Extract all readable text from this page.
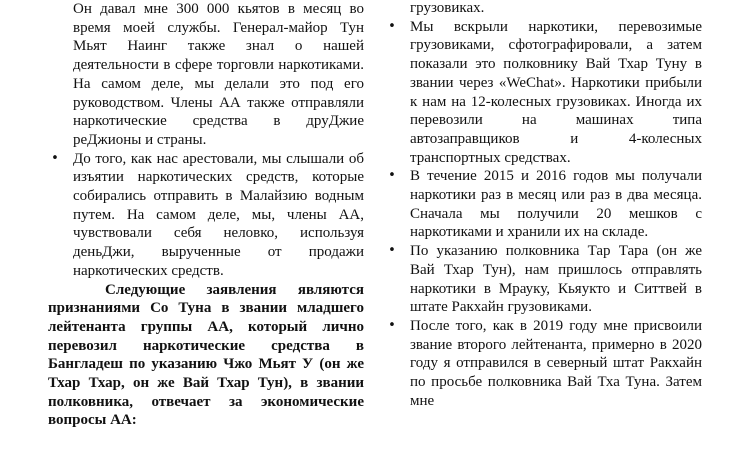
Он давал мне 300 000 кьятов в месяц во время моей службы. Генерал-майор Тун Мьят Наинг также знал о нашей деятельности в сфере торговли наркотиками. На самом деле, мы делали это под его руководством. Члены АА также отправляли наркотические средства в друДжие реДжионы и страны.

• До того, как нас арестовали, мы слышали об изъятии наркотических средств, которые собирались отправить в Малайзию водным путем. На самом деле, мы, члены АА, чувствовали себя неловко, используя деньДжи, вырученные от продажи наркотических средств.

Следующие заявления являются признаниями Со Туна в звании младшего лейтенанта группы АА, который лично перевозил наркотические средства в Бангладеш по указанию Чжо Мьят У (он же Тхар Тхар, он же Вай Тхар Тун), в звании полковника, отвечает за экономические вопросы АА:

грузовиках.

• Мы вскрыли наркотики, перевозимые грузовиками, сфотографировали, а затем показали это полковнику Вай Тхар Туну в звании через «WeChat». Наркотики прибыли к нам на 12-колесных грузовиках. Иногда их перевозили на машинах типа автозаправщиков и 4-колесных транспортных средствах.
• В течение 2015 и 2016 годов мы получали наркотики раз в месяц или раз в два месяца. Сначала мы получили 20 мешков с наркотиками и хранили их на складе.
• По указанию полковника Тар Тара (он же Вай Тхар Тун), нам пришлось отправлять наркотики в Мрауку, Кьяукто и Ситтвей в штате Ракхайн грузовиками.
• После того, как в 2019 году мне присвоили звание второго лейтенанта, примерно в 2020 году я отправился в северный штат Ракхайн по просьбе полковника Вай Тха Туна. Затем мне
